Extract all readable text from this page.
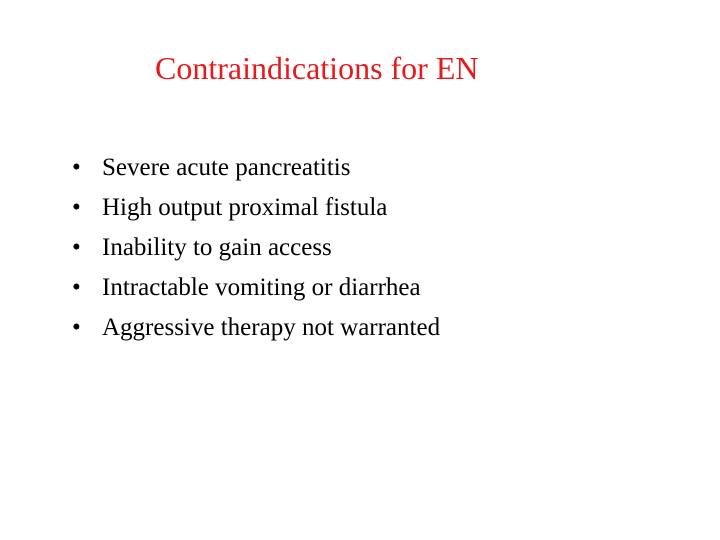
Contraindications for EN
• Severe acute pancreatitis
• High output proximal fistula
• Inability to gain access
• Intractable vomiting or diarrhea
• Aggressive therapy not warranted
